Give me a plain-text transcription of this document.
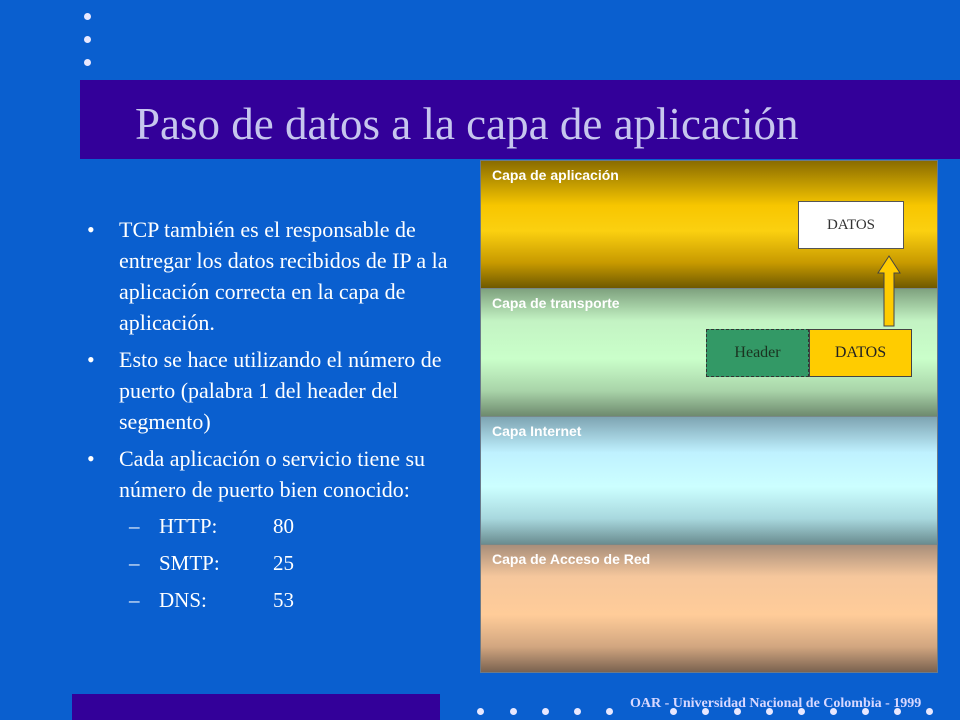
Paso de datos a la capa de aplicación
• TCP también es el responsable de entregar los datos recibidos de IP a la aplicación correcta en la capa de aplicación.
• Esto se hace utilizando el número de puerto (palabra 1 del header del segmento)
• Cada aplicación o servicio tiene su número de puerto bien conocido:
– HTTP:	80
– SMTP:	25
– DNS:	53
Capa de aplicación
DATOS
Capa de transporte
Header	DATOS
Capa Internet
Capa de Acceso de Red
OAR - Universidad Nacional de Colombia - 1999
